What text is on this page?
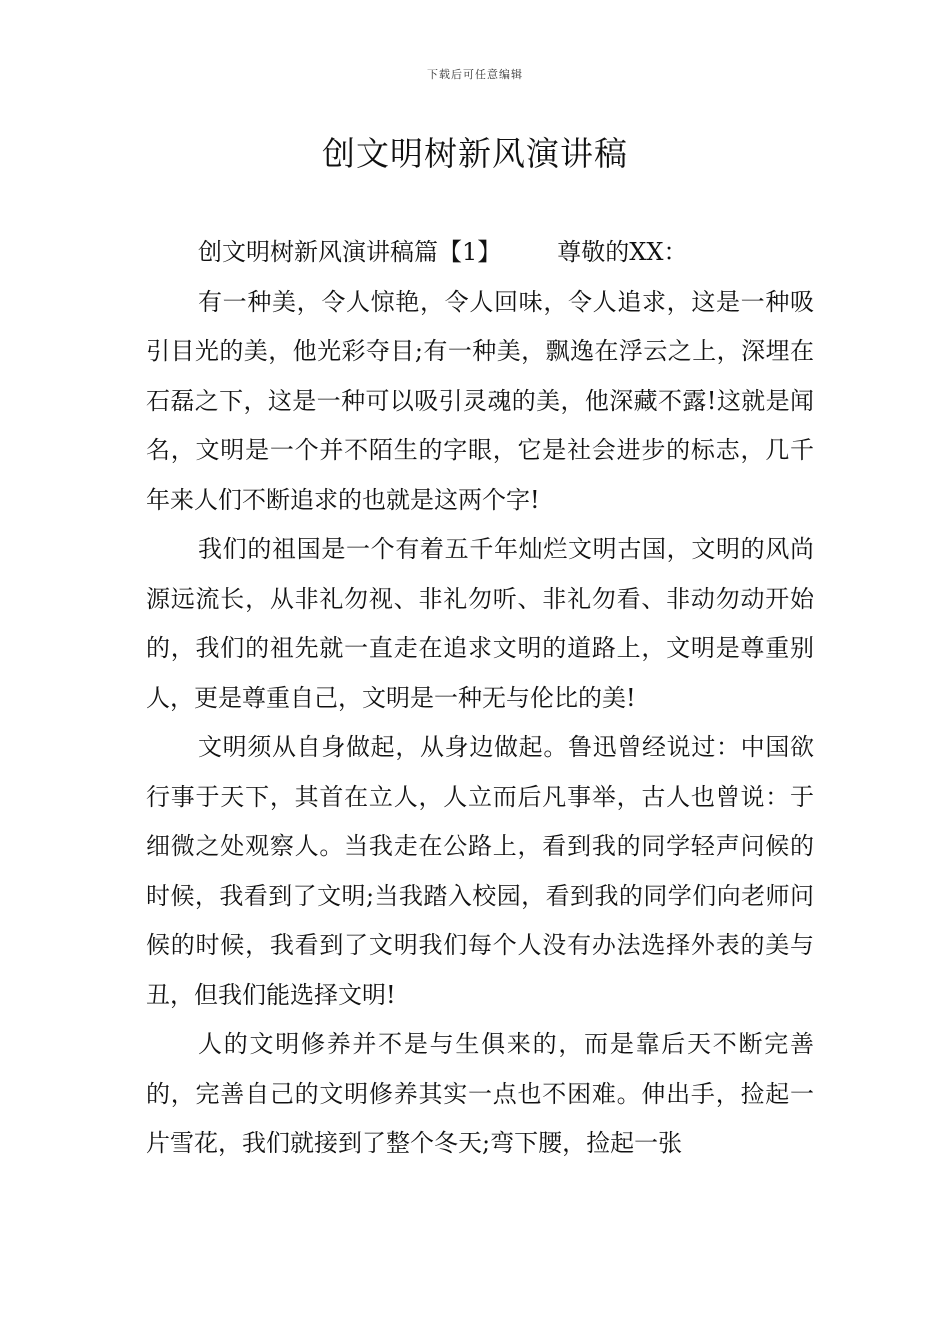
下载后可任意编辑
创文明树新风演讲稿

创文明树新风演讲稿篇【1】 尊敬的XX：

有一种美，令人惊艳，令人回味，令人追求，这是一种吸引目光的美，他光彩夺目;有一种美，飘逸在浮云之上，深埋在石磊之下，这是一种可以吸引灵魂的美，他深藏不露!这就是闻名，文明是一个并不陌生的字眼，它是社会进步的标志，几千年来人们不断追求的也就是这两个字!

我们的祖国是一个有着五千年灿烂文明古国，文明的风尚源远流长，从非礼勿视、非礼勿听、非礼勿看、非动勿动开始的，我们的祖先就一直走在追求文明的道路上，文明是尊重别人，更是尊重自己，文明是一种无与伦比的美!

文明须从自身做起，从身边做起。鲁迅曾经说过：中国欲行事于天下，其首在立人，人立而后凡事举，古人也曾说：于细微之处观察人。当我走在公路上，看到我的同学轻声问候的时候，我看到了文明;当我踏入校园，看到我的同学们向老师问候的时候，我看到了文明我们每个人没有办法选择外表的美与丑，但我们能选择文明!

人的文明修养并不是与生俱来的，而是靠后天不断完善的，完善自己的文明修养其实一点也不困难。伸出手，捡起一片雪花，我们就接到了整个冬天;弯下腰，捡起一张
